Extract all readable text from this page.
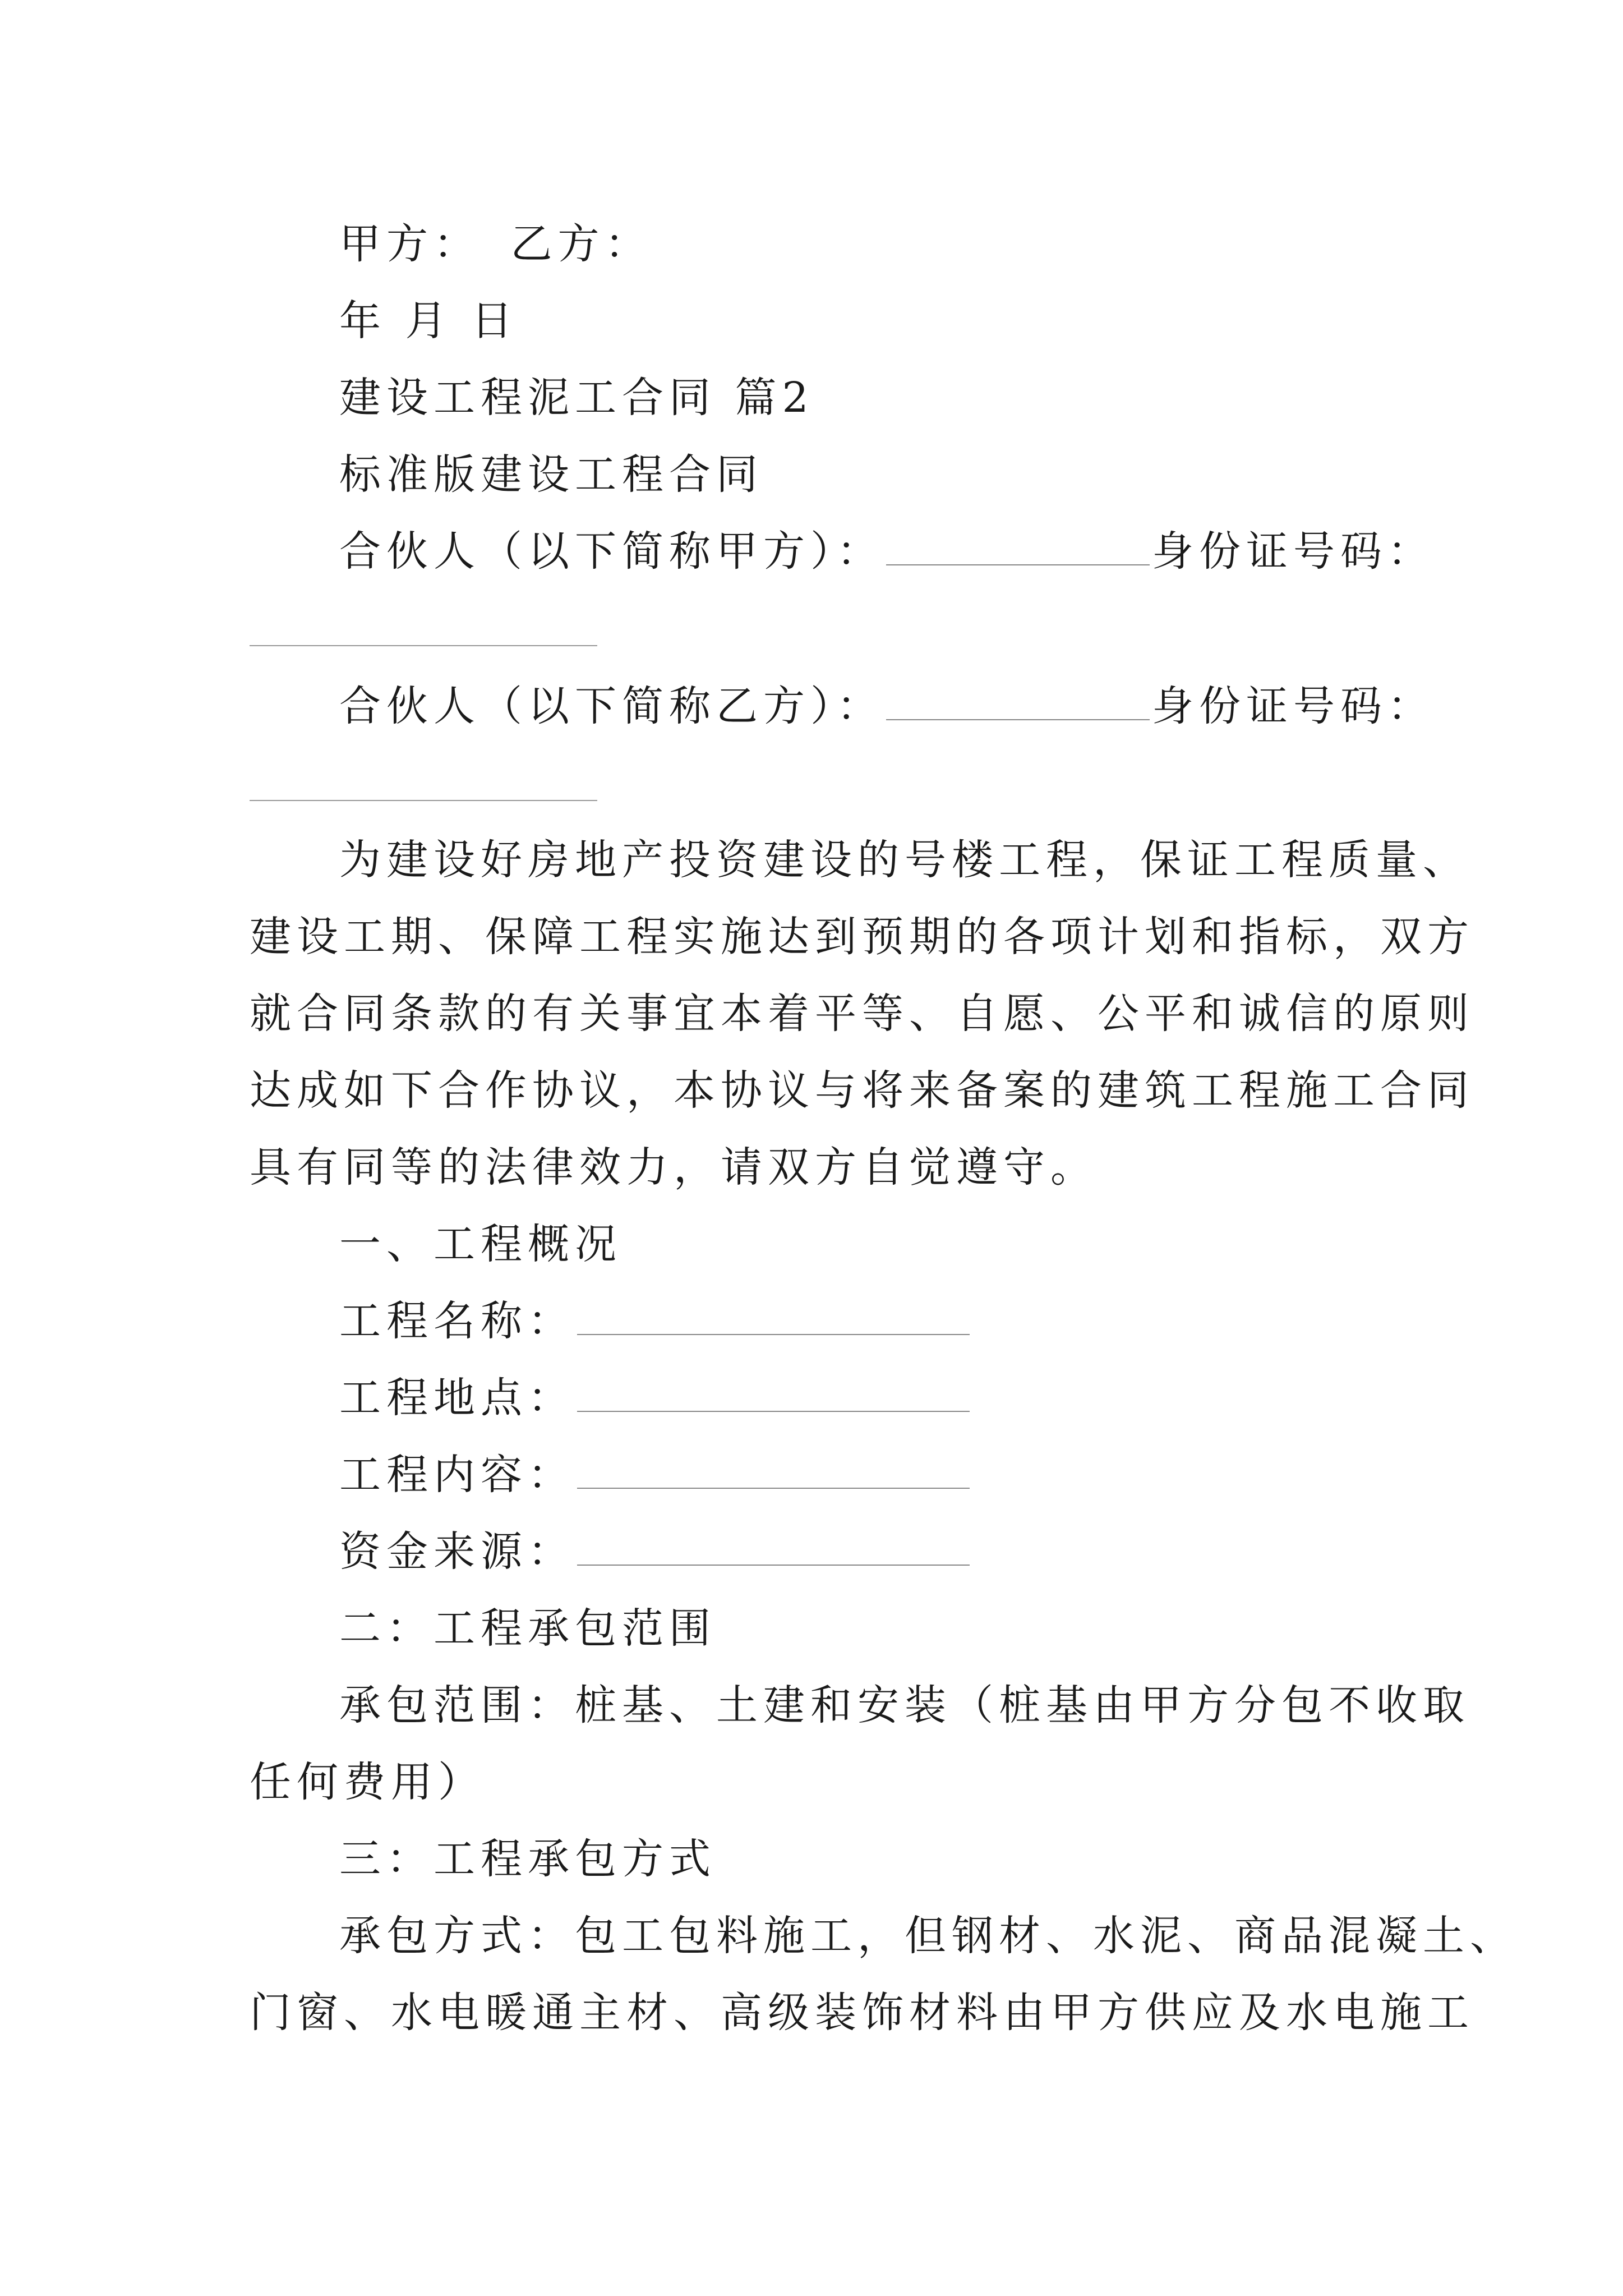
甲方： 乙方：
年 月 日
建设工程泥工合同 篇2
标准版建设工程合同
合伙人（以下简称甲方）：	身份证号码：
合伙人（以下简称乙方）：	身份证号码：
为建设好房地产投资建设的号楼工程，保证工程质量、
建设工期、保障工程实施达到预期的各项计划和指标，双方
就合同条款的有关事宜本着平等、自愿、公平和诚信的原则
达成如下合作协议，本协议与将来备案的建筑工程施工合同
具有同等的法律效力，请双方自觉遵守。
一、工程概况
工程名称：
工程地点：
工程内容：
资金来源：
二：工程承包范围
承包范围：桩基、土建和安装（桩基由甲方分包不收取
任何费用）
三：工程承包方式
承包方式：包工包料施工，但钢材、水泥、商品混凝土、
门窗、水电暖通主材、高级装饰材料由甲方供应及水电施工
